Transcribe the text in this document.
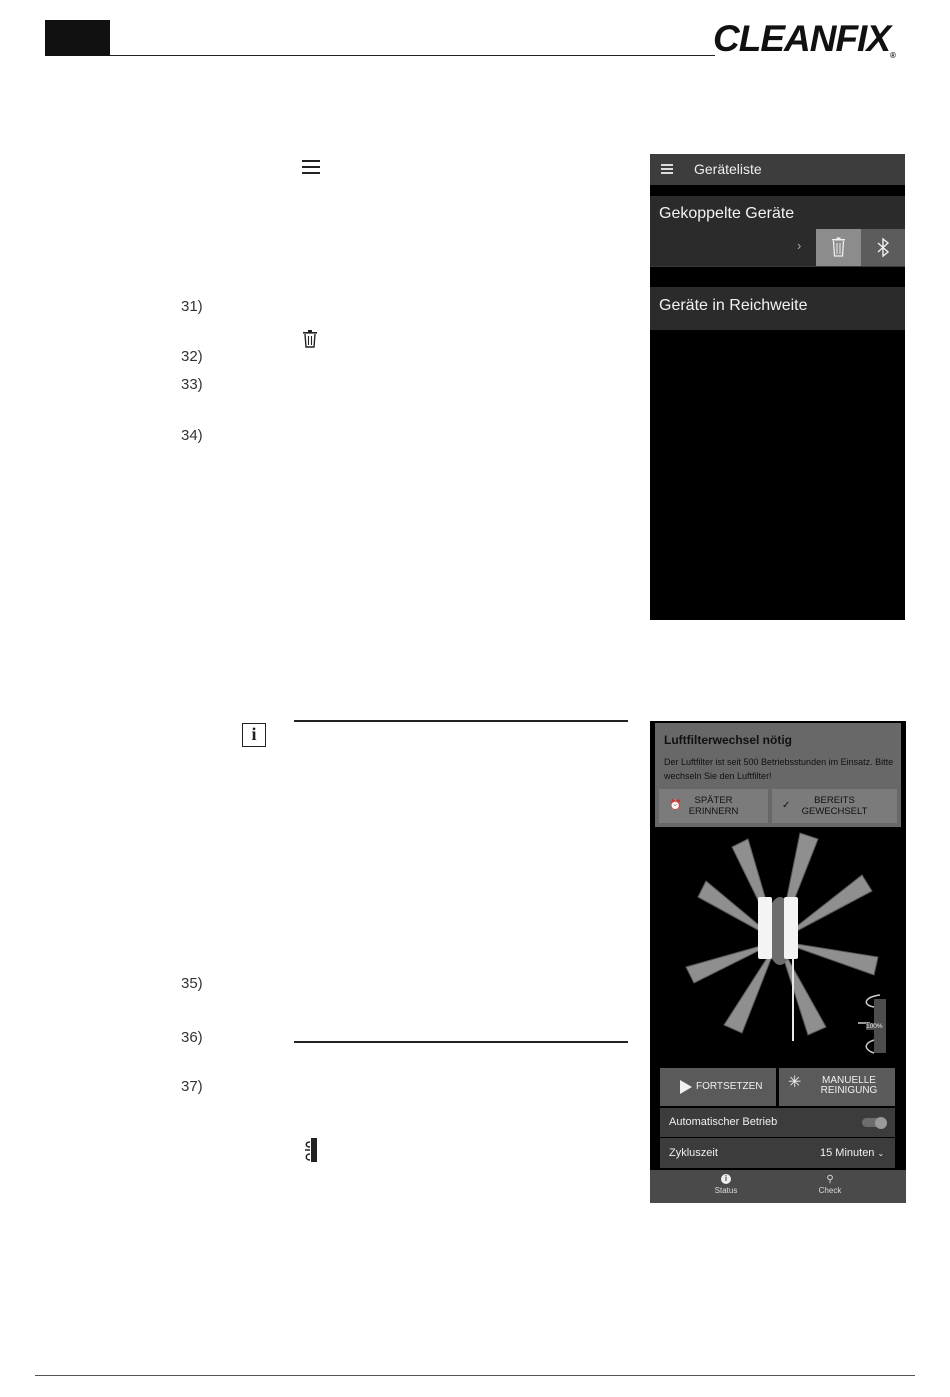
CLEANFIX®
31)
32)
33)
34)
35)
36)
37)
i
Geräteliste
Gekoppelte Geräte
›
Geräte in Reichweite
100%
Luftfilterwechsel nötig
Der Luftfilter ist seit 500 Betriebsstunden im Einsatz. Bitte wechseln Sie den Luftfilter!
⏰	SPÄTER
ERINNERN
✓	BEREITS
GEWECHSELT
FORTSETZEN ✳	MANUELLE
REINIGUNG
Automatischer Betrieb
Zykluszeit	15 Minuten ⌄
i
Status
⚲
Check
